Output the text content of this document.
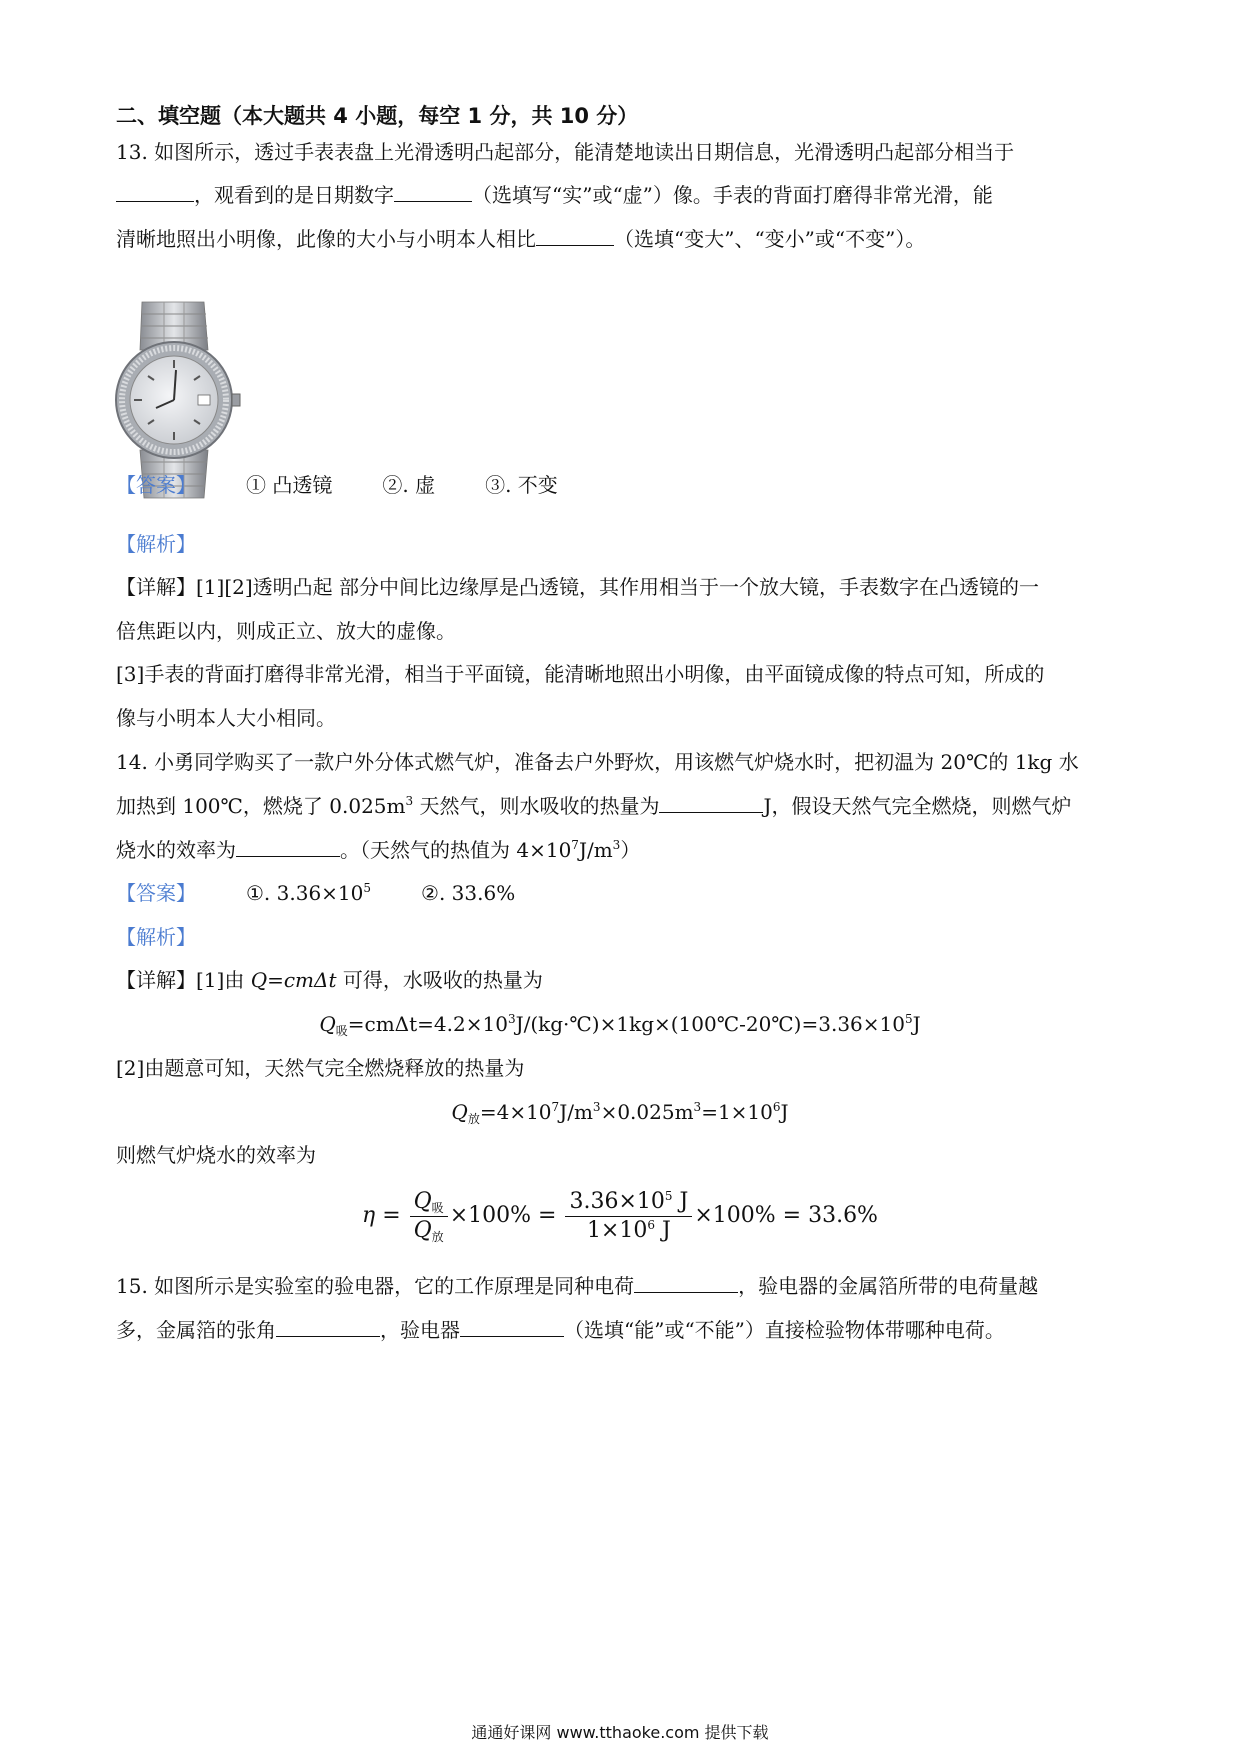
二、填空题（本大题共 4 小题，每空 1 分，共 10 分）
13. 如图所示，透过手表表盘上光滑透明凸起部分，能清楚地读出日期信息，光滑透明凸起部分相当于
，观看到的是日期数字	（选填写“实”或“虚”）像。手表的背面打磨得非常光滑，能
清晰地照出小明像，此像的大小与小明本人相比	（选填“变大”、“变小”或“不变”）。
【答案】	① 凸透镜	②. 虚	③. 不变
【解析】
【详解】[1][2]透明凸起 部分中间比边缘厚是凸透镜，其作用相当于一个放大镜，手表数字在凸透镜的一
倍焦距以内，则成正立、放大的虚像。
[3]手表的背面打磨得非常光滑，相当于平面镜，能清晰地照出小明像，由平面镜成像的特点可知，所成的
像与小明本人大小相同。
14. 小勇同学购买了一款户外分体式燃气炉，准备去户外野炊，用该燃气炉烧水时，把初温为 20℃的 1kg 水
加热到 100℃，燃烧了 $0.025m^3$ 天然气，则水吸收的热量为	J，假设天然气完全燃烧，则燃气炉
烧水的效率为	。（天然气的热值为 $4\times 10^7J/m^3$）
【答案】	①. $3.36\times 10^5$	②. 33.6%
【解析】
【详解】[1]由 Q=cmΔt 可得，水吸收的热量为
$Q_吸=cm\Delta t=4.2\times 10^3J/(kg\cdot℃)\times 1kg\times(100℃-20℃)=3.36\times 10^5J$
[2]由题意可知，天然气完全燃烧释放的热量为
$Q_放=4\times 10^7J/m^3\times 0.025m^3=1\times 10^6J$
则燃气炉烧水的效率为
$\eta = \frac{Q_吸}{Q_放} \times 100\% = \frac{3.36\times 10^5 J}{1\times 10^6 J} \times 100\% = 33.6\%$
15. 如图所示是实验室的验电器，它的工作原理是同种电荷	，验电器的金属箔所带的电荷量越
多，金属箔的张角	，验电器	（选填“能”或“不能”）直接检验物体带哪种电荷。
通通好课网 www.tthaoke.com 提供下载
